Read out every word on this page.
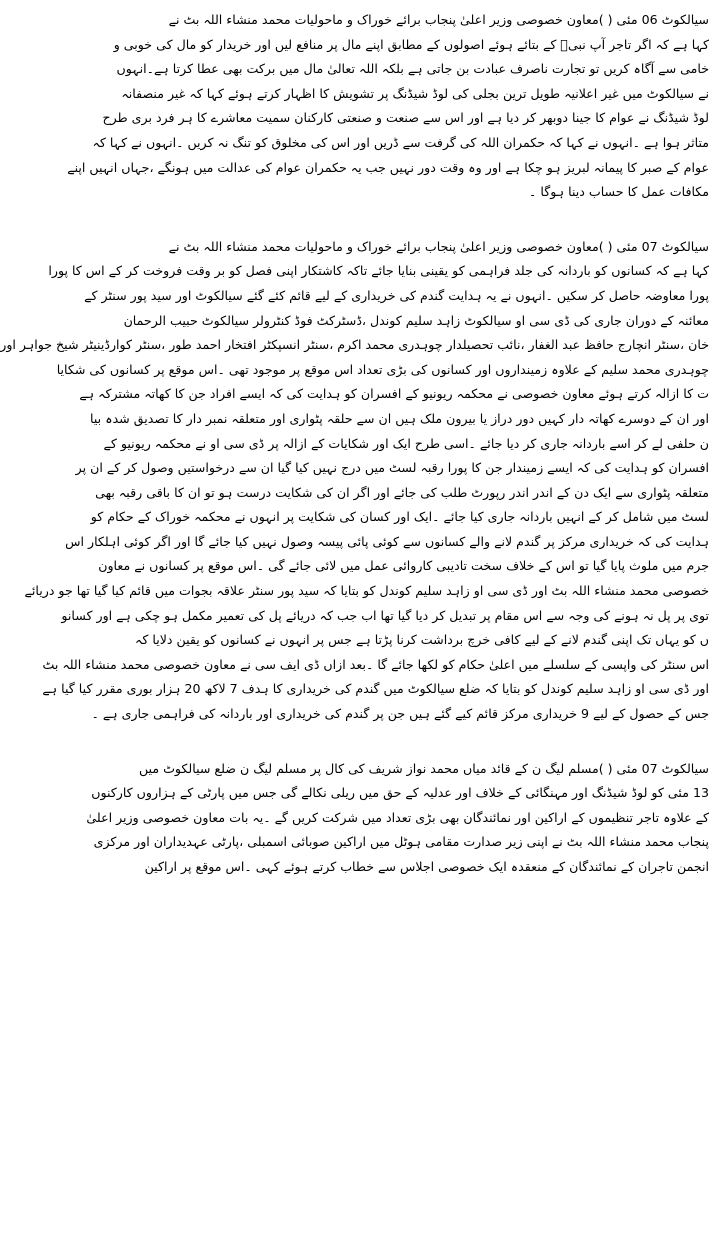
سیالکوٹ 06 مئی ( )معاون خصوصی وزیر اعلیٰ پنجاب برائے خوراک و ماحولیات محمد منشاء اللہ بٹ نے
کہا ہے کہ اگر تاجر آپ نبیؐ کے بتائے ہوئے اصولوں کے مطابق اپنے مال پر منافع لیں اور خریدار کو مال کی خوبی و
خامی سے آگاہ کریں تو تجارت ناصرف عبادت بن جاتی ہے بلکہ اللہ تعالیٰ مال میں برکت بھی عطا کرتا ہے۔انہوں
نے سیالکوٹ میں غیر اعلانیہ طویل ترین بجلی کی لوڈ شیڈنگ پر تشویش کا اظہار کرتے ہوئے کہا کہ غیر منصفانہ
لوڈ شیڈنگ نے عوام کا جینا دوبھر کر دیا ہے اور اس سے صنعت و صنعتی کارکنان سمیت معاشرے کا ہر فرد بری طرح
متاثر ہوا ہے ۔انہوں نے کہا کہ حکمران اللہ کی گرفت سے ڈریں اور اس کی مخلوق کو تنگ نہ کریں ۔انہوں نے کہا کہ
عوام کے صبر کا پیمانہ لبریز ہو چکا ہے اور وہ وقت دور نہیں جب یہ حکمران عوام کی عدالت میں ہونگے ،جہاں انہیں اپنے
مکافات عمل کا حساب دینا ہوگا ۔
سیالکوٹ 07 مئی ( )معاون خصوصی وزیر اعلیٰ پنجاب برائے خوراک و ماحولیات محمد منشاء اللہ بٹ نے
کہا ہے کہ کسانوں کو باردانہ کی جلد فراہمی کو یقینی بنایا جائے تاکہ کاشتکار اپنی فصل کو بر وقت فروخت کر کے اس کا پورا
پورا معاوضہ حاصل کر سکیں ۔انہوں نے یہ ہدایت گندم کی خریداری کے لیے قائم کئے گئے سیالکوٹ اور سید پور سنٹر کے
معائنہ کے دوران جاری کی ڈی سی او سیالکوٹ زاہد سلیم کوندل ،ڈسٹرکٹ فوڈ کنٹرولر سیالکوٹ حبیب الرحمان
خان ،سنٹر انچارج حافظ عبد الغفار ،نائب تحصیلدار چوہدری محمد اکرم ،سنٹر انسپکٹر افتخار احمد طور ،سنٹر کوارڈینیٹر شیخ جواہر اور
چوہدری محمد سلیم کے علاوہ زمینداروں اور کسانوں کی بڑی تعداد اس موقع پر موجود تھی ۔اس موقع پر کسانوں کی شکایا
ت کا ازالہ کرتے ہوئے معاون خصوصی نے محکمہ ریونیو کے افسران کو ہدایت کی کہ ایسے افراد جن کا کھاتہ مشترکہ ہے
اور ان کے دوسرے کھاتہ دار کہیں دور دراز یا بیرون ملک ہیں ان سے حلقہ پٹواری اور متعلقہ نمبر دار کا تصدیق شدہ بیا
ن حلفی لے کر اسے باردانہ جاری کر دیا جائے ۔اسی طرح ایک اور شکایات کے ازالہ پر ڈی سی او نے محکمہ ریونیو کے
افسران کو ہدایت کی کہ ایسے زمیندار جن کا پورا رقبہ لسٹ میں درج نہیں کیا گیا ان سے درخواستیں وصول کر کے ان پر
متعلقہ پٹواری سے ایک دن کے اندر اندر رپورٹ طلب کی جائے اور اگر ان کی شکایت درست ہو تو ان کا باقی رقبہ بھی
لسٹ میں شامل کر کے انہیں باردانہ جاری کیا جائے ۔ایک اور کسان کی شکایت پر انہوں نے محکمہ خوراک کے حکام کو
ہدایت کی کہ خریداری مرکز پر گندم لانے والے کسانوں سے کوئی پائی پیسہ وصول نہیں کیا جائے گا اور اگر کوئی اہلکار اس
جرم میں ملوث پایا گیا تو اس کے خلاف سخت تادیبی کاروائی عمل میں لائی جائے گی ۔اس موقع پر کسانوں نے معاون
خصوصی محمد منشاء اللہ بٹ اور ڈی سی او زاہد سلیم کوندل کو بتایا کہ سید پور سنٹر علاقہ بجوات میں قائم کیا گیا تھا جو دریائے
توی پر پل نہ ہونے کی وجہ سے اس مقام پر تبدیل کر دیا گیا تھا اب جب کہ دریائے پل کی تعمیر مکمل ہو چکی ہے اور کسانو
ں کو یہاں تک اپنی گندم لانے کے لیے کافی خرچ برداشت کرنا پڑتا ہے جس پر انہوں نے کسانوں کو یقین دلایا کہ
اس سنٹر کی واپسی کے سلسلے میں اعلیٰ حکام کو لکھا جائے گا ۔بعد ازاں ڈی ایف سی نے معاون خصوصی محمد منشاء اللہ بٹ
اور ڈی سی او زاہد سلیم کوندل کو بتایا کہ ضلع سیالکوٹ میں گندم کی خریداری کا ہدف 7 لاکھ 20 ہزار بوری مقرر کیا گیا ہے
جس کے حصول کے لیے 9 خریداری مرکز قائم کیے گئے ہیں جن پر گندم کی خریداری اور باردانہ کی فراہمی جاری ہے ۔
سیالکوٹ 07 مئی ( )مسلم لیگ ن کے قائد میاں محمد نواز شریف کی کال پر مسلم لیگ ن ضلع سیالکوٹ میں
13 مئی کو لوڈ شیڈنگ اور مہنگائی کے خلاف اور عدلیہ کے حق میں ریلی نکالے گی جس میں پارٹی کے ہزاروں کارکنوں
کے علاوہ تاجر تنظیموں کے اراکین اور نمائندگان بھی بڑی تعداد میں شرکت کریں گے ۔یہ بات معاون خصوصی وزیر اعلیٰ
پنجاب محمد منشاء اللہ بٹ نے اپنی زیر صدارت مقامی ہوٹل میں اراکین صوبائی اسمبلی ،پارٹی عہدیداران اور مرکزی
انجمن تاجران کے نمائندگان کے منعقدہ ایک خصوصی اجلاس سے خطاب کرتے ہوئے کہی ۔اس موقع پر اراکین
